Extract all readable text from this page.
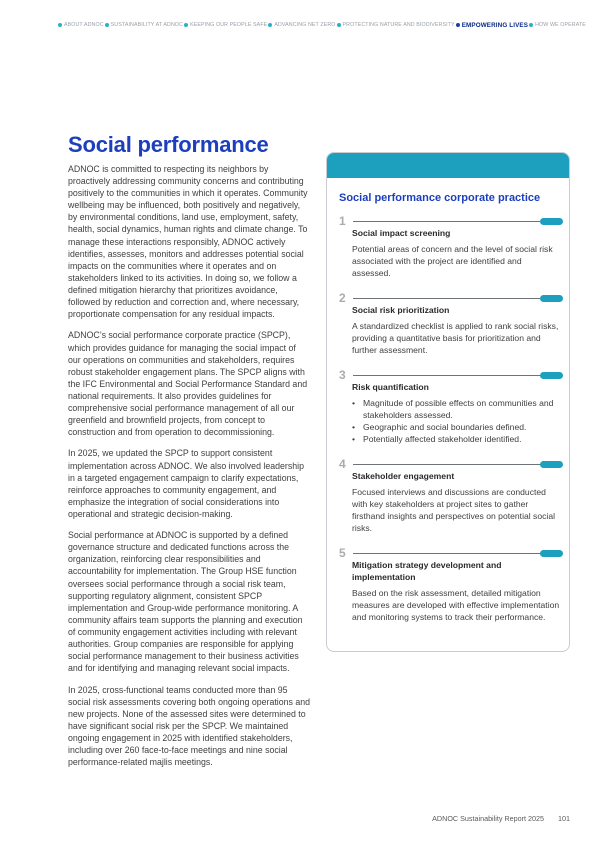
ABOUT ADNOC SUSTAINABILITY AT ADNOC KEEPING OUR PEOPLE SAFE ADVANCING NET ZERO PROTECTING NATURE AND BIODIVERSITY EMPOWERING LIVES HOW WE OPERATE
Social performance

ADNOC is committed to respecting its neighbors by proactively addressing community concerns and contributing positively to the communities in which it operates. Community wellbeing may be influenced, both positively and negatively, by environmental conditions, land use, employment, safety, health, social dynamics, human rights and climate change. To manage these interactions responsibly, ADNOC actively identifies, assesses, monitors and addresses potential social impacts on the communities where it operates and on stakeholders linked to its activities. In doing so, we follow a defined mitigation hierarchy that prioritizes avoidance, followed by reduction and correction and, where necessary, proportionate compensation for any residual impacts.

ADNOC’s social performance corporate practice (SPCP), which provides guidance for managing the social impact of our operations on communities and stakeholders, requires robust stakeholder engagement plans. The SPCP aligns with the IFC Environmental and Social Performance Standard and national requirements. It also provides guidelines for comprehensive social performance management of all our greenfield and brownfield projects, from concept to construction and from operation to decommissioning.

In 2025, we updated the SPCP to support consistent implementation across ADNOC. We also involved leadership in a targeted engagement campaign to clarify expectations, reinforce approaches to community engagement, and emphasize the integration of social considerations into operational and strategic decision-making.

Social performance at ADNOC is supported by a defined governance structure and dedicated functions across the organization, reinforcing clear responsibilities and accountability for implementation. The Group HSE function oversees social performance through a social risk team, supporting regulatory alignment, consistent SPCP implementation and Group-wide performance monitoring. A community affairs team supports the planning and execution of community engagement activities including with relevant authorities. Group companies are responsible for applying social performance management to their business activities and for identifying and managing relevant social impacts.

In 2025, cross-functional teams conducted more than 95 social risk assessments covering both ongoing operations and new projects. None of the assessed sites were determined to have significant social risk per the SPCP. We maintained ongoing engagement in 2025 with identified stakeholders, including over 260 face-to-face meetings and nine social performance-related majlis meetings.

Social performance corporate practice
1
Social impact screening
Potential areas of concern and the level of social risk associated with the project are identified and assessed.
2
Social risk prioritization
A standardized checklist is applied to rank social risks, providing a quantitative basis for prioritization and further assessment.
3
Risk quantification
• Magnitude of possible effects on communities and stakeholders assessed.
• Geographic and social boundaries defined.
• Potentially affected stakeholder identified.
4
Stakeholder engagement
Focused interviews and discussions are conducted with key stakeholders at project sites to gather firsthand insights and perspectives on potential social risks.
5
Mitigation strategy development and implementation
Based on the risk assessment, detailed mitigation measures are developed with effective implementation and monitoring systems to track their performance.
ADNOC Sustainability Report 2025 101
